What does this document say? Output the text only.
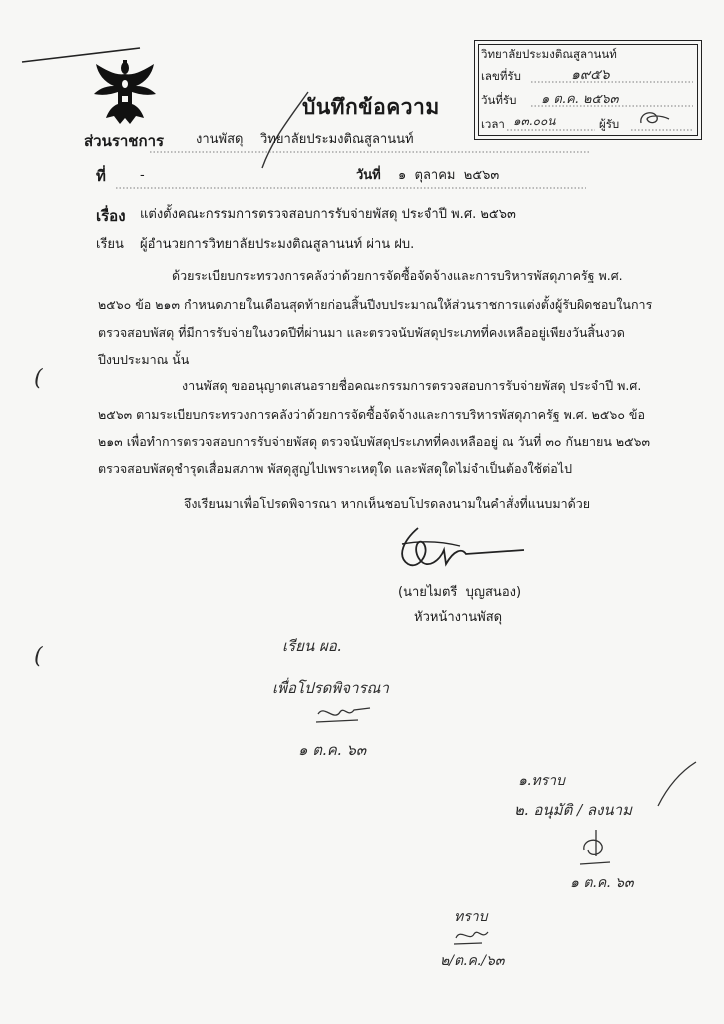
วิทยาลัยประมงติณสูลานนท์
เลขที่รับ	๑๙๕๖
วันที่รับ ๑ ต.ค. ๒๕๖๓
เวลา ๑๓.๐๐น	ผู้รับ
บันทึกข้อความ
ส่วนราชการ งานพัสดุ    วิทยาลัยประมงติณสูลานนท์
ที่	-	วันที่ ๑  ตุลาคม  ๒๕๖๓
เรื่อง แต่งตั้งคณะกรรมการตรวจสอบการรับจ่ายพัสดุ ประจำปี พ.ศ. ๒๕๖๓
เรียน ผู้อำนวยการวิทยาลัยประมงติณสูลานนท์ ผ่าน ฝบ.
ด้วยระเบียบกระทรวงการคลังว่าด้วยการจัดซื้อจัดจ้างและการบริหารพัสดุภาครัฐ พ.ศ.
๒๕๖๐ ข้อ ๒๑๓ กำหนดภายในเดือนสุดท้ายก่อนสิ้นปีงบประมาณให้ส่วนราชการแต่งตั้งผู้รับผิดชอบในการ
ตรวจสอบพัสดุ ที่มีการรับจ่ายในงวดปีที่ผ่านมา และตรวจนับพัสดุประเภทที่คงเหลืออยู่เพียงวันสิ้นงวด
ปีงบประมาณ นั้น
(	งานพัสดุ ขออนุญาตเสนอรายชื่อคณะกรรมการตรวจสอบการรับจ่ายพัสดุ ประจำปี พ.ศ.
๒๕๖๓ ตามระเบียบกระทรวงการคลังว่าด้วยการจัดซื้อจัดจ้างและการบริหารพัสดุภาครัฐ พ.ศ. ๒๕๖๐ ข้อ
๒๑๓ เพื่อทำการตรวจสอบการรับจ่ายพัสดุ ตรวจนับพัสดุประเภทที่คงเหลืออยู่ ณ วันที่ ๓๐ กันยายน ๒๕๖๓
ตรวจสอบพัสดุชำรุดเสื่อมสภาพ พัสดุสูญไปเพราะเหตุใด และพัสดุใดไม่จำเป็นต้องใช้ต่อไป
จึงเรียนมาเพื่อโปรดพิจารณา หากเห็นชอบโปรดลงนามในคำสั่งที่แนบมาด้วย
(นายไมตรี  บุญสนอง)
หัวหน้างานพัสดุ
(	เรียน ผอ.
เพื่อโปรดพิจารณา
๑ ต.ค. ๖๓
๑.ทราบ
๒. อนุมัติ / ลงนาม
๑ ต.ค. ๖๓
ทราบ
๒/ต.ค./๖๓
